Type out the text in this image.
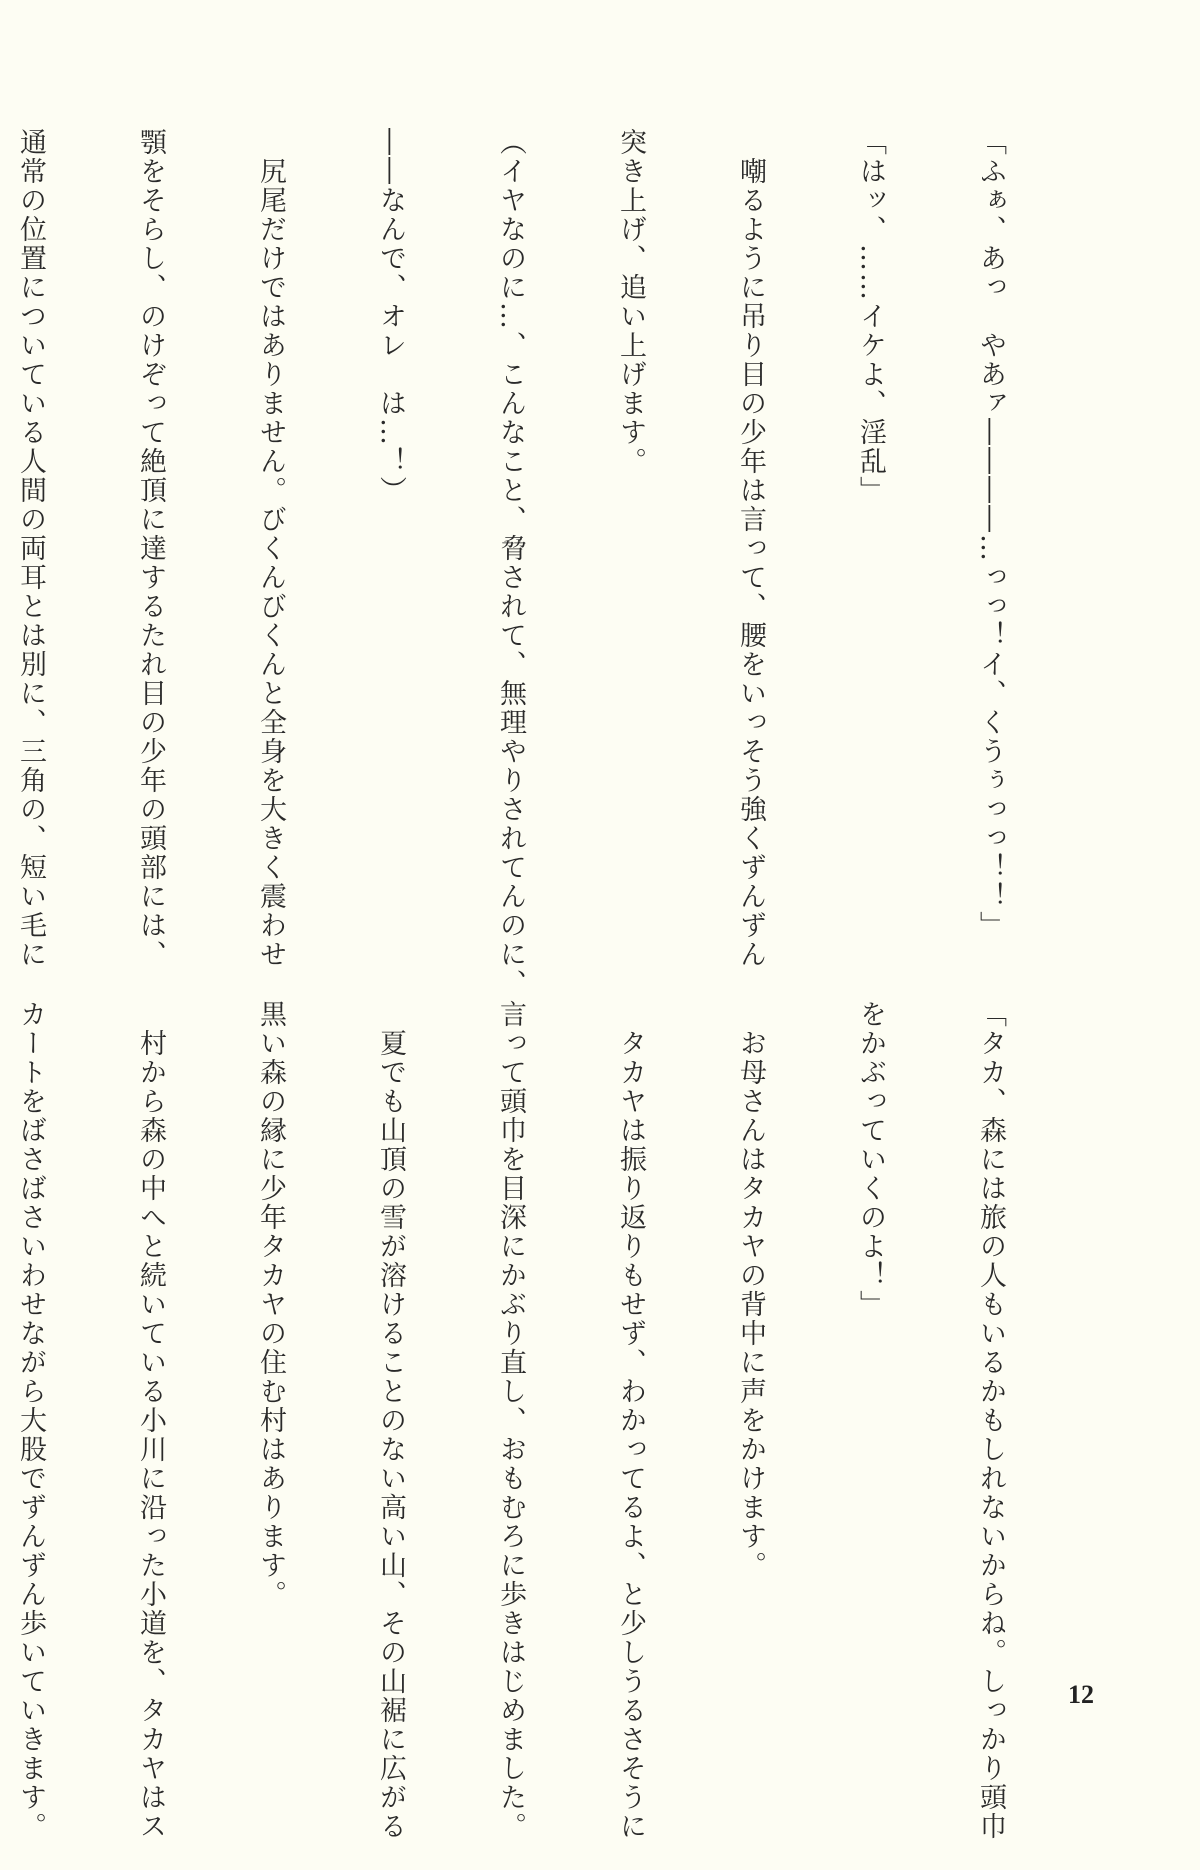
「ふぁ、あっ　やあァ――――…っっ！イ、くうぅっっ！！」

「はッ、……イケよ、淫乱」

　嘲るように吊り目の少年は言って、腰をいっそう強くずんずん

突き上げ、追い上げます。

（イヤなのに…、こんなこと、脅されて、無理やりされてんのに、

――なんで、オレ　は…！）

　尻尾だけではありません。びくんびくんと全身を大きく震わせ

顎をそらし、のけぞって絶頂に達するたれ目の少年の頭部には、

通常の位置についている人間の両耳とは別に、三角の、短い毛に

「タカ、森には旅の人もいるかもしれないからね。しっかり頭巾

をかぶっていくのよ！」

　お母さんはタカヤの背中に声をかけます。

　タカヤは振り返りもせず、わかってるよ、と少しうるさそうに

言って頭巾を目深にかぶり直し、おもむろに歩きはじめました。

　夏でも山頂の雪が溶けることのない高い山、その山裾に広がる

黒い森の縁に少年タカヤの住む村はあります。

　村から森の中へと続いている小川に沿った小道を、タカヤはス

カートをばさばさいわせながら大股でずんずん歩いていきます。

	12
